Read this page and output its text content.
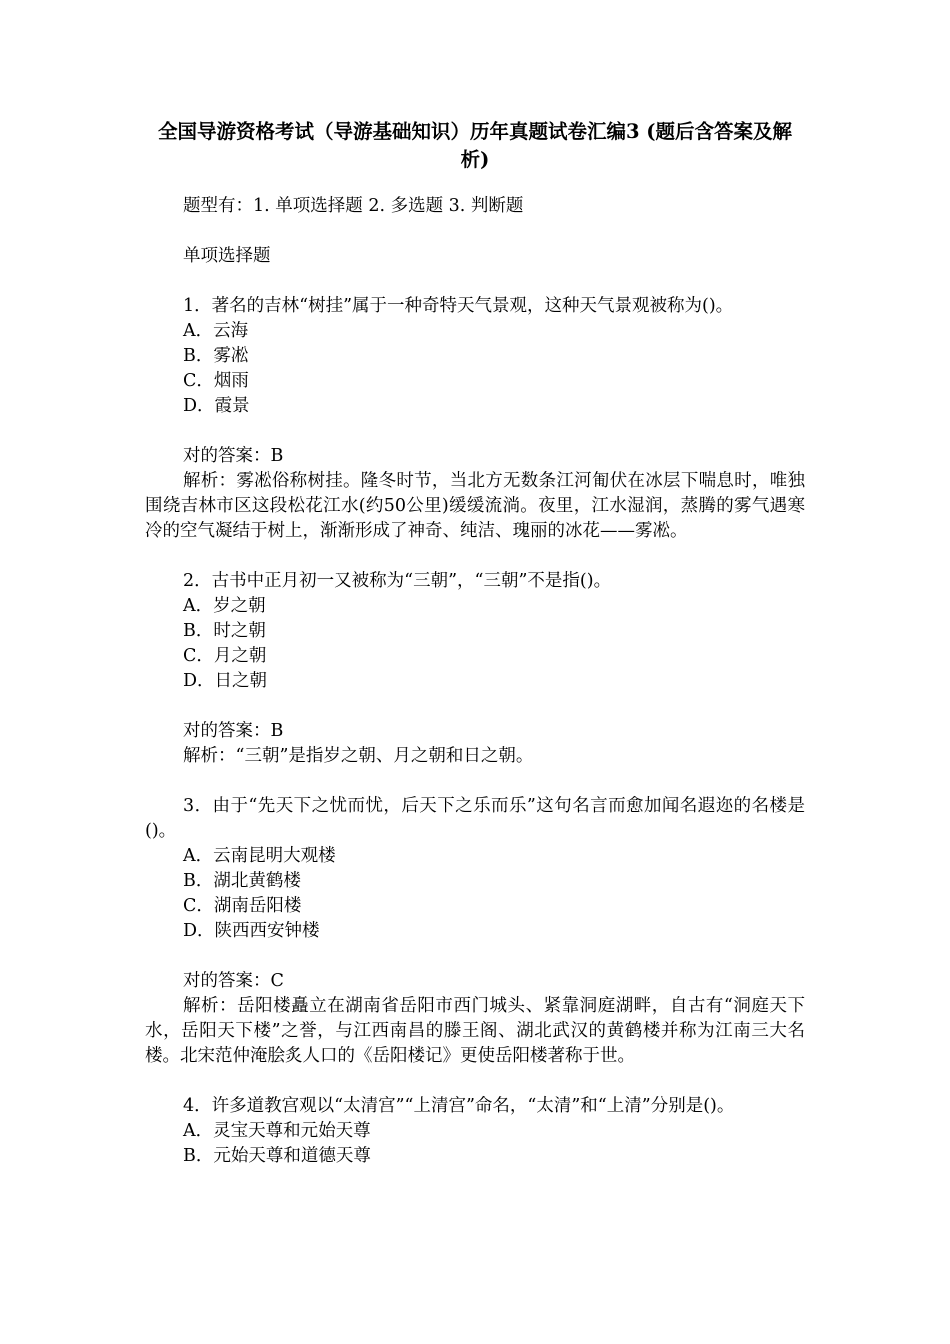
全国导游资格考试（导游基础知识）历年真题试卷汇编3 (题后含答案及解析)

题型有：1. 单项选择题 2. 多选题 3. 判断题

单项选择题

1．著名的吉林“树挂”属于一种奇特天气景观，这种天气景观被称为()。

A．云海

B．雾凇

C．烟雨

D．霞景

对的答案：B

解析：雾凇俗称树挂。隆冬时节，当北方无数条江河匍伏在冰层下喘息时，唯独围绕吉林市区这段松花江水(约50公里)缓缓流淌。夜里，江水湿润，蒸腾的雾气遇寒冷的空气凝结于树上，渐渐形成了神奇、纯洁、瑰丽的冰花——雾凇。

2．古书中正月初一又被称为“三朝”，“三朝”不是指()。

A．岁之朝

B．时之朝

C．月之朝

D．日之朝

对的答案：B

解析：“三朝”是指岁之朝、月之朝和日之朝。

3．由于“先天下之忧而忧，后天下之乐而乐”这句名言而愈加闻名遐迩的名楼是()。

A．云南昆明大观楼

B．湖北黄鹤楼

C．湖南岳阳楼

D．陕西西安钟楼

对的答案：C

解析：岳阳楼矗立在湖南省岳阳市西门城头、紧靠洞庭湖畔，自古有“洞庭天下水，岳阳天下楼”之誉，与江西南昌的滕王阁、湖北武汉的黄鹤楼并称为江南三大名楼。北宋范仲淹脍炙人口的《岳阳楼记》更使岳阳楼著称于世。

4．许多道教宫观以“太清宫”“上清宫”命名，“太清”和“上清”分别是()。

A．灵宝天尊和元始天尊

B．元始天尊和道德天尊
